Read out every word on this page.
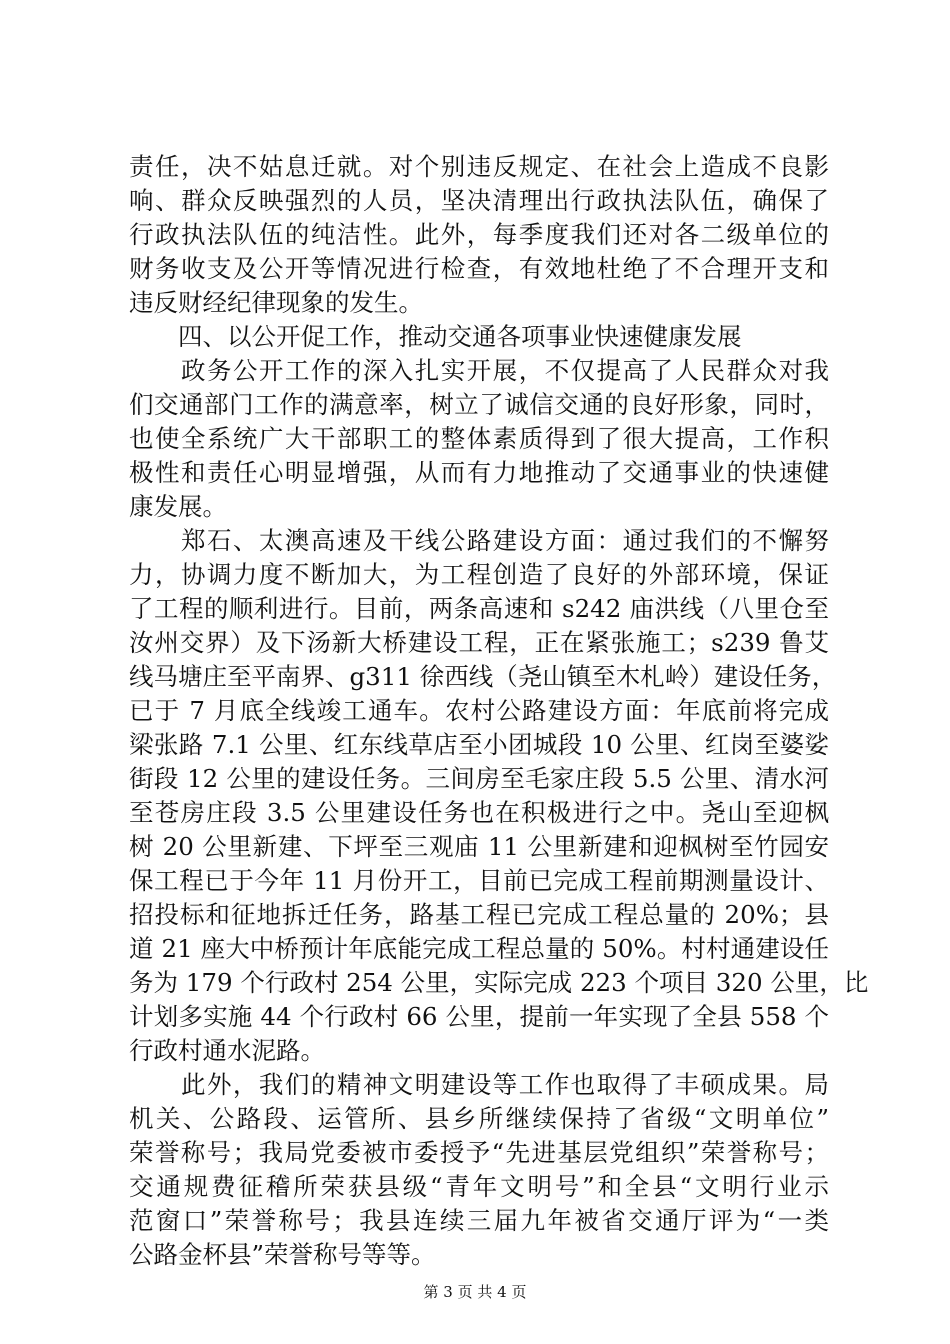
责任，决不姑息迁就。对个别违反规定、在社会上造成不良影
响、群众反映强烈的人员，坚决清理出行政执法队伍，确保了
行政执法队伍的纯洁性。此外，每季度我们还对各二级单位的
财务收支及公开等情况进行检查，有效地杜绝了不合理开支和
违反财经纪律现象的发生。
　　四、以公开促工作，推动交通各项事业快速健康发展
　　政务公开工作的深入扎实开展，不仅提高了人民群众对我
们交通部门工作的满意率，树立了诚信交通的良好形象，同时，
也使全系统广大干部职工的整体素质得到了很大提高，工作积
极性和责任心明显增强，从而有力地推动了交通事业的快速健
康发展。
　　郑石、太澳高速及干线公路建设方面：通过我们的不懈努
力，协调力度不断加大，为工程创造了良好的外部环境，保证
了工程的顺利进行。目前，两条高速和 s242 庙洪线（八里仓至
汝州交界）及下汤新大桥建设工程，正在紧张施工；s239 鲁艾
线马塘庄至平南界、g311 徐西线（尧山镇至木札岭）建设任务，
已于 7 月底全线竣工通车。农村公路建设方面：年底前将完成
梁张路 7.1 公里、红东线草店至小团城段 10 公里、红岗至婆娑
街段 12 公里的建设任务。三间房至毛家庄段 5.5 公里、清水河
至苍房庄段 3.5 公里建设任务也在积极进行之中。尧山至迎枫
树 20 公里新建、下坪至三观庙 11 公里新建和迎枫树至竹园安
保工程已于今年 11 月份开工，目前已完成工程前期测量设计、
招投标和征地拆迁任务，路基工程已完成工程总量的 20%；县
道 21 座大中桥预计年底能完成工程总量的 50%。村村通建设任
务为 179 个行政村 254 公里，实际完成 223 个项目 320 公里，比
计划多实施 44 个行政村 66 公里，提前一年实现了全县 558 个
行政村通水泥路。
　　此外，我们的精神文明建设等工作也取得了丰硕成果。局
机关、公路段、运管所、县乡所继续保持了省级“文明单位”
荣誉称号；我局党委被市委授予“先进基层党组织”荣誉称号；
交通规费征稽所荣获县级“青年文明号”和全县“文明行业示
范窗口”荣誉称号；我县连续三届九年被省交通厅评为“一类
公路金杯县”荣誉称号等等。
第 3 页 共 4 页
